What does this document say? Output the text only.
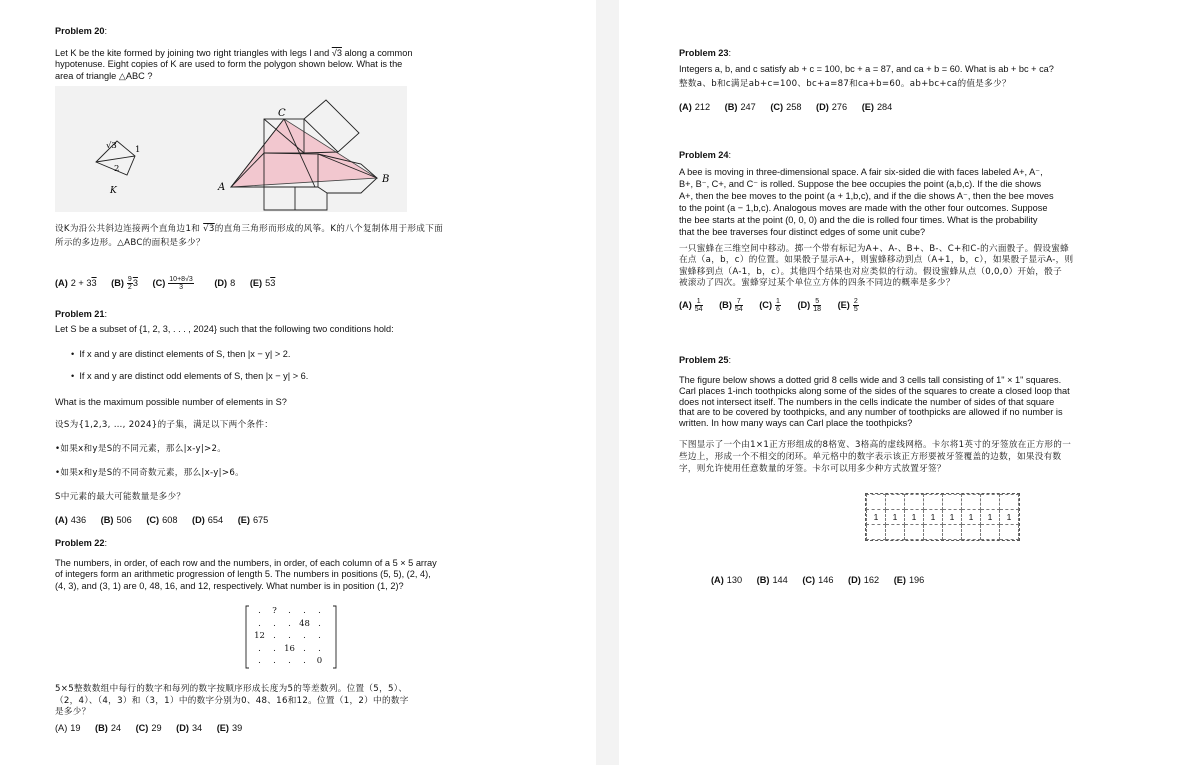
Problem 20:
Let K be the kite formed by joining two right triangles with legs l and √3 along a common
hypotenuse. Eight copies of K are used to form the polygon shown below. What is the
area of triangle △ABC ?
√3 1
2
K
C
A
B
设K为沿公共斜边连接两个直角边1和 √3的直角三角形而形成的风筝。K的八个复制体用于形成下面
所示的多边形。△ABC的面积是多少？
(A) 2 + 33 $(B) \frac{9}{2} 3$ $(C) \frac{10+8√3}{3} (D)$ 8 (E) 53
Problem 21:
Let S be a subset of {1, 2, 3, . . . , 2024} such that the following two conditions hold:
•  If x and y are distinct elements of S, then |x − y| > 2.
•  If x and y are distinct odd elements of S, then |x − y| > 6.
What is the maximum possible number of elements in S?
设S为{1,2,3, …, 2024}的子集，满足以下两个条件：
•如果x和y是S的不同元素，那么|x-y|>2。
•如果x和y是S的不同奇数元素，那么|x-y|>6。
S中元素的最大可能数量是多少？
(A) 436 (B) 506 (C) 608 (D) 654 (E) 675
Problem 22:
The numbers, in order, of each row and the numbers, in order, of each column of a 5 × 5 array
of integers form an arithmetic progression of length 5. The numbers in positions (5, 5), (2, 4),
(4, 3), and (3, 1) are 0, 48, 16, and 12, respectively. What number is in position (1, 2)?
.	?	.	.	.
.	.	.	48	.
12	.	.	.	.
.	.	16	.	.
.	.	.	.	0
5×5整数数组中每行的数字和每列的数字按顺序形成长度为5的等差数列。位置（5，5）、
（2，4）、（4，3）和（3，1）中的数字分别为0、48、16和12。位置（1，2）中的数字
是多少？
(A) 19 (B) 24 (C) 29 (D) 34 (E) 39
Problem 23:
Integers a, b, and c satisfy ab + c = 100, bc + a = 87, and ca + b = 60. What is ab + bc + ca?
整数a、b和c满足ab+c=100、bc+a=87和ca+b=60。ab+bc+ca的值是多少？
(A) 212 (B) 247 (C) 258 (D) 276 (E) 284
Problem 24:
A bee is moving in three-dimensional space. A fair six-sided die with faces labeled A+, A⁻,
B+, B⁻, C+, and C⁻ is rolled. Suppose the bee occupies the point (a,b,c). If the die shows
A+, then the bee moves to the point (a + 1,b,c), and if the die shows A⁻, then the bee moves
to the point (a − 1,b,c). Analogous moves are made with the other four outcomes. Suppose
the bee starts at the point (0, 0, 0) and the die is rolled four times. What is the probability
that the bee traverses four distinct edges of some unit cube?
一只蜜蜂在三维空间中移动。掷一个带有标记为A+、A-、B+、B-、C+和C-的六面骰子。假设蜜蜂
在点（a，b，c）的位置。如果骰子显示A+，则蜜蜂移动到点（A+1，b，c），如果骰子显示A-，则
蜜蜂移到点（A-1，b，c）。其他四个结果也对应类似的行动。假设蜜蜂从点（0,0,0）开始，骰子
被滚动了四次。蜜蜂穿过某个单位立方体的四条不同边的概率是多少？
$(A) \frac{1}{54} (B) \frac{7}{54} (C) \frac{1}{6} (D) \frac{5}{18} (E) \frac{2}{5}$
Problem 25:
The figure below shows a dotted grid 8 cells wide and 3 cells tall consisting of 1ʺ × 1ʺ squares.
Carl places 1-inch toothpicks along some of the sides of the squares to create a closed loop that
does not intersect itself. The numbers in the cells indicate the number of sides of that square
that are to be covered by toothpicks, and any number of toothpicks are allowed if no number is
written. In how many ways can Carl place the toothpicks?
下图显示了一个由1×1正方形组成的8格宽、3格高的虚线网格。卡尔将1英寸的牙签放在正方形的一
些边上，形成一个不相交的闭环。单元格中的数字表示该正方形要被牙签覆盖的边数，如果没有数
字，则允许使用任意数量的牙签。卡尔可以用多少种方式放置牙签？

1	1	1	1	1	1	1	1

(A) 130 (B) 144 (C) 146 (D) 162 (E) 196
